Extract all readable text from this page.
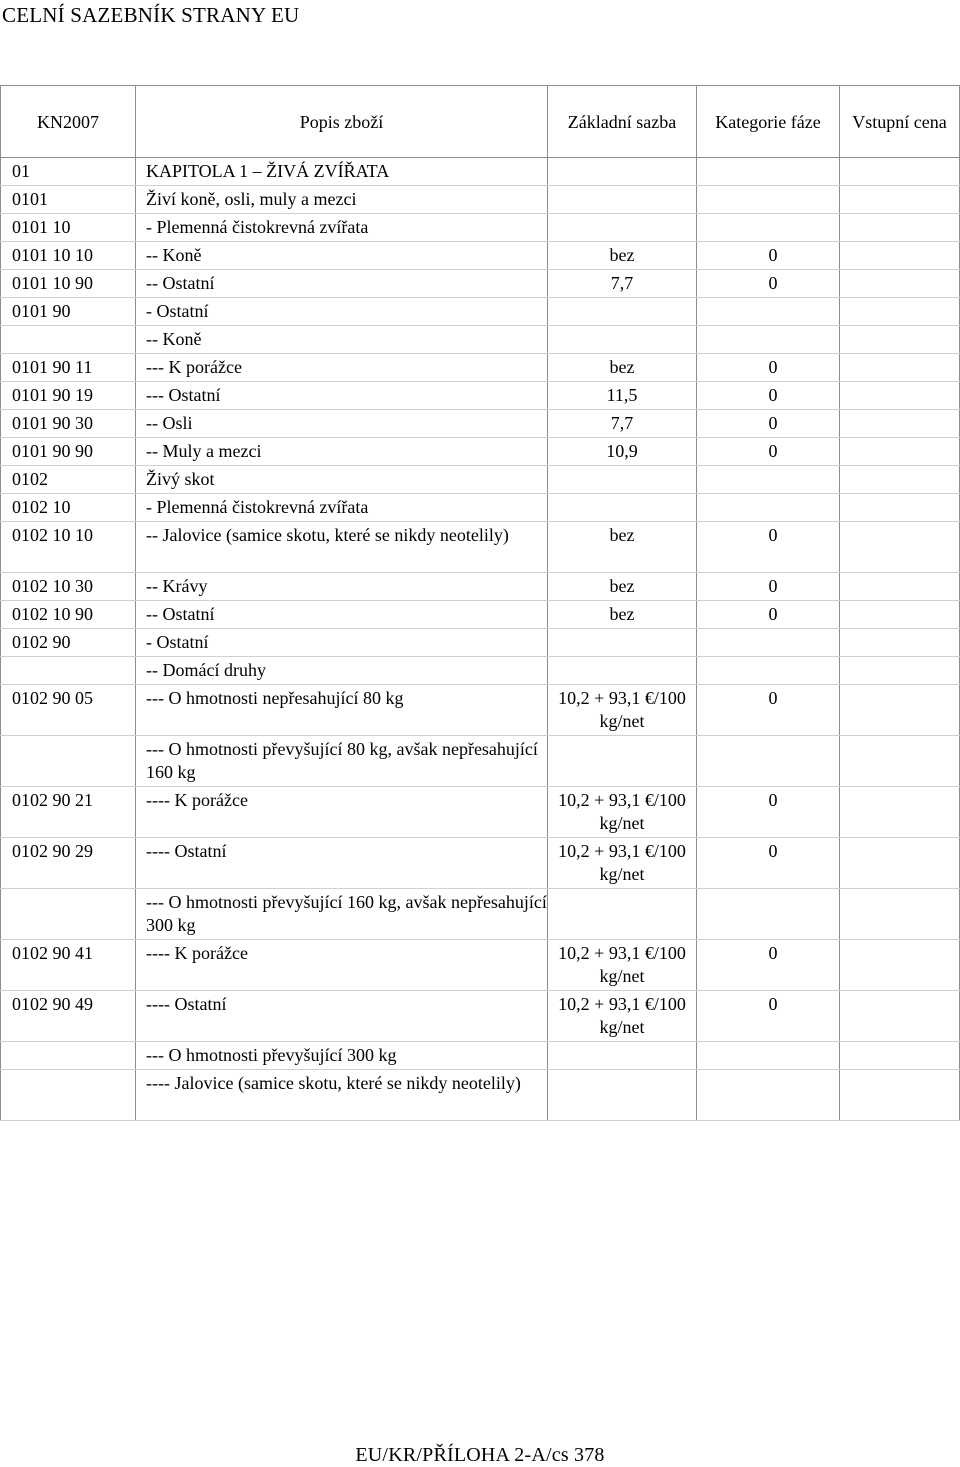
CELNÍ SAZEBNÍK STRANY EU
KN2007	Popis zboží	Základní sazba	Kategorie fáze	Vstupní cena
01	KAPITOLA 1 – ŽIVÁ ZVÍŘATA			
0101	Živí koně, osli, muly a mezci			
0101 10	- Plemenná čistokrevná zvířata			
0101 10 10	-- Koně	bez	0	
0101 10 90	-- Ostatní	7,7	0	
0101 90	- Ostatní			
	-- Koně			
0101 90 11	--- K porážce	bez	0	
0101 90 19	--- Ostatní	11,5	0	
0101 90 30	-- Osli	7,7	0	
0101 90 90	-- Muly a mezci	10,9	0	
0102	Živý skot			
0102 10	- Plemenná čistokrevná zvířata			
0102 10 10	-- Jalovice (samice skotu, které se nikdy neotelily)	bez	0	
0102 10 30	-- Krávy	bez	0	
0102 10 90	-- Ostatní	bez	0	
0102 90	- Ostatní			
	-- Domácí druhy			
0102 90 05	--- O hmotnosti nepřesahující 80 kg	10,2 + 93,1 €/100 kg/net	0	
	--- O hmotnosti převyšující 80 kg, avšak nepřesahující 160 kg			
0102 90 21	---- K porážce	10,2 + 93,1 €/100 kg/net	0	
0102 90 29	---- Ostatní	10,2 + 93,1 €/100 kg/net	0	
	--- O hmotnosti převyšující 160 kg, avšak nepřesahující 300 kg			
0102 90 41	---- K porážce	10,2 + 93,1 €/100 kg/net	0	
0102 90 49	---- Ostatní	10,2 + 93,1 €/100 kg/net	0	
	--- O hmotnosti převyšující 300 kg			
	---- Jalovice (samice skotu, které se nikdy neotelily)			
EU/KR/PŘÍLOHA 2-A/cs 378
